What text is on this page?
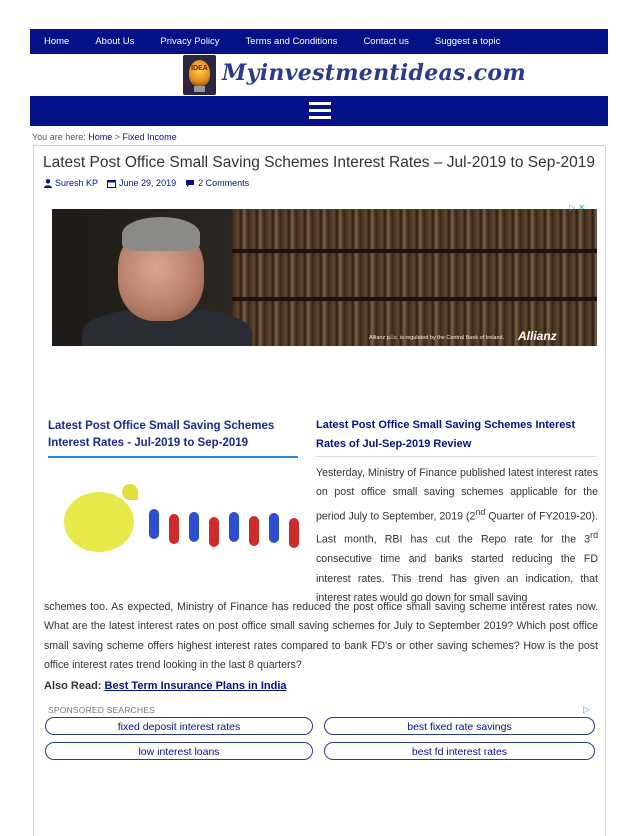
Home	About Us	Privacy Policy	Terms and Conditions	Contact us	Suggest a topic
IDEA Myinvestmentideas.com
You are here: Home > Fixed Income
Latest Post Office Small Saving Schemes Interest Rates – Jul-2019 to Sep-2019
Suresh KP June 29, 2019 2 Comments
Allianz p.l.c. is regulated by the Central Bank of Ireland. Allianz
▷ ✕
Latest Post Office Small Saving Schemes
Interest Rates - Jul-2019 to Sep-2019
Latest Post Office Small Saving Schemes Interest Rates of Jul-Sep-2019 Review
Yesterday, Ministry of Finance published latest interest rates on post office small saving schemes applicable for the period July to September, 2019 (2nd Quarter of FY2019-20). Last month, RBI has cut the Repo rate for the 3rd consecutive time and banks started reducing the FD interest rates. This trend has given an indication, that interest rates would go down for small saving
schemes too. As expected, Ministry of Finance has reduced the post office small saving scheme interest rates now. What are the latest interest rates on post office small saving schemes for July to September 2019? Which post office small saving scheme offers highest interest rates compared to bank FD's or other saving schemes? How is the post office interest rates trend looking in the last 8 quarters?
Also Read: Best Term Insurance Plans in India
SPONSORED SEARCHES	▷
fixed deposit interest rates	best fixed rate savings
low interest loans	best fd interest rates
